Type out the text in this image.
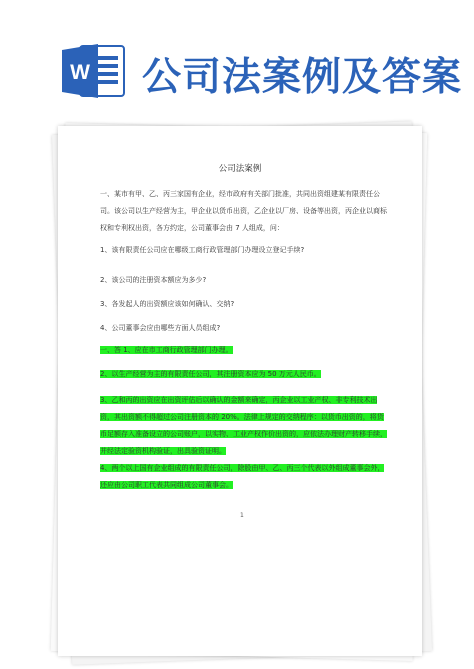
W 公司法案例及答案
公司法案例
一、某市有甲、乙、丙三家国有企业，经市政府有关部门批准，共同出资组建某有限责任公司。该公司以生产经营为主，甲企业以货币出资，乙企业以厂房、设备等出资，丙企业以商标权和专利权出资，各方约定，公司董事会由 7 人组成，问：
1、该有限责任公司应在哪级工商行政管理部门办理设立登记手续?
2、该公司的注册资本额应为多少?
3、各发起人的出资额应该如何确认、交纳?
4、公司董事会应由哪些方面人员组成?
一、答 1、应在市工商行政管理部门办理。
2、以生产经营为主的有限责任公司，其注册资本应为 50 万元人民币。
3、乙和丙的出资应在出资评估后以确认的金额来确定，丙企业以工业产权、非专利技术出资，其出资额不得超过公司注册资本的 20%。法律上规定的交纳程序：以货币出资的，将货币足额存入准备设立的公司账户，以实物、工业产权作价出资的，应依法办理财产转移手续，并经法定验资机构验证，出具验资证明。
4、两个以上国有企业组成的有限责任公司，除股由甲、乙、丙三个代表以外组成董事会外，还应由公司职工代表共同组成公司董事会。
1
